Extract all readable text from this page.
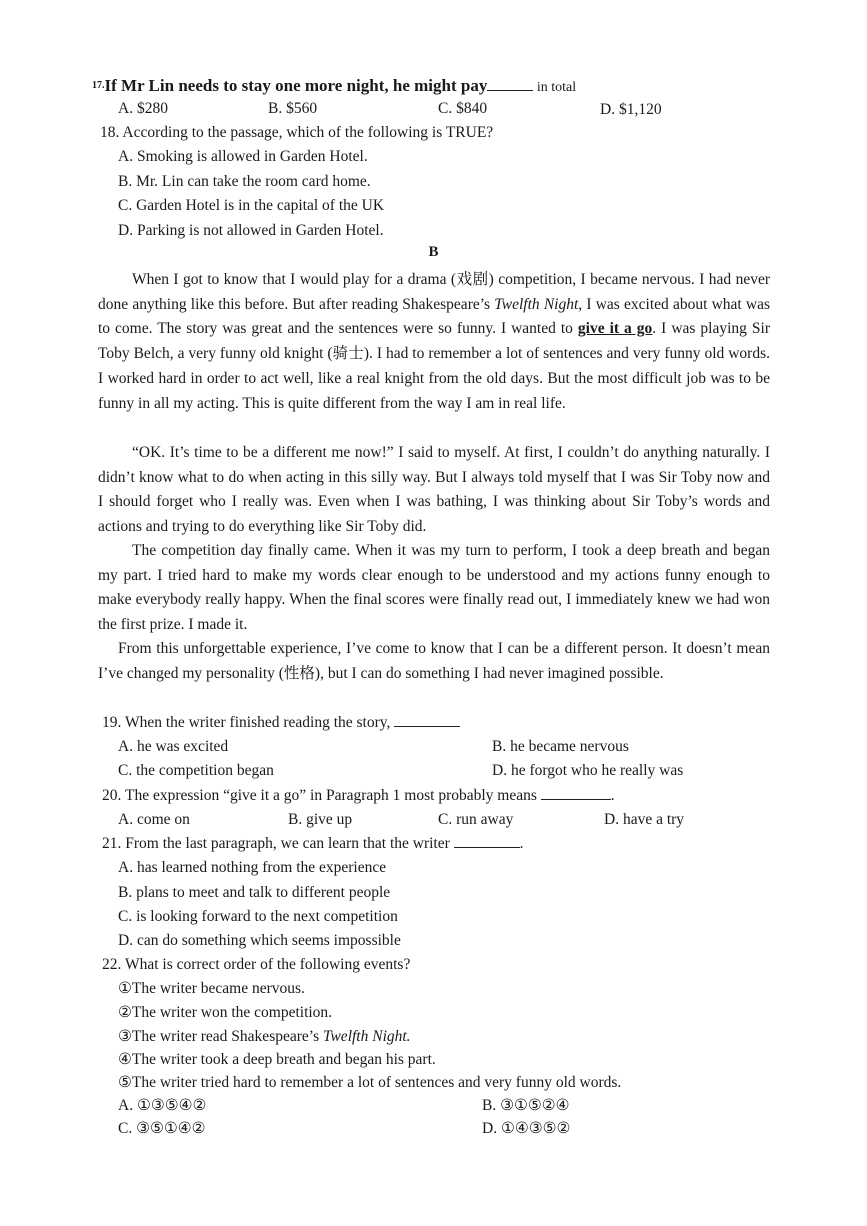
$^{17.}$If Mr Lin needs to stay one more night, he might pay	in total
A. $280	B. $560	C. $840	D. $1,120
18. According to the passage, which of the following is TRUE?
A. Smoking is allowed in Garden Hotel.
B. Mr. Lin can take the room card home.
C. Garden Hotel is in the capital of the UK
D. Parking is not allowed in Garden Hotel.
B
When I got to know that I would play for a drama (戏剧) competition, I became nervous. I had never done anything like this before. But after reading Shakespeare’s Twelfth Night, I was excited about what was to come. The story was great and the sentences were so funny. I wanted to give it a go. I was playing Sir Toby Belch, a very funny old knight (骑士). I had to remember a lot of sentences and very funny old words. I worked hard in order to act well, like a real knight from the old days. But the most difficult job was to be funny in all my acting. This is quite different from the way I am in real life.
“OK. It’s time to be a different me now!” I said to myself. At first, I couldn’t do anything naturally. I didn’t know what to do when acting in this silly way. But I always told myself that I was Sir Toby now and I should forget who I really was. Even when I was bathing, I was thinking about Sir Toby’s words and actions and trying to do everything like Sir Toby did.
The competition day finally came. When it was my turn to perform, I took a deep breath and began my part. I tried hard to make my words clear enough to be understood and my actions funny enough to make everybody really happy. When the final scores were finally read out, I immediately knew we had won the first prize. I made it.
From this unforgettable experience, I’ve come to know that I can be a different person. It doesn’t mean I’ve changed my personality (性格), but I can do something I had never imagined possible.
19. When the writer finished reading the story,
A. he was excited	B. he became nervous
C. the competition began	D. he forgot who he really was
20. The expression “give it a go” in Paragraph 1 most probably means	.
A. come on	B. give up	C. run away	D. have a try
21. From the last paragraph, we can learn that the writer	.
A. has learned nothing from the experience
B. plans to meet and talk to different people
C. is looking forward to the next competition
D. can do something which seems impossible
22. What is correct order of the following events?
①The writer became nervous.
②The writer won the competition.
③The writer read Shakespeare’s Twelfth Night.
④The writer took a deep breath and began his part.
⑤The writer tried hard to remember a lot of sentences and very funny old words.
A. ①③⑤④②	B. ③①⑤②④
C. ③⑤①④②	D. ①④③⑤②
